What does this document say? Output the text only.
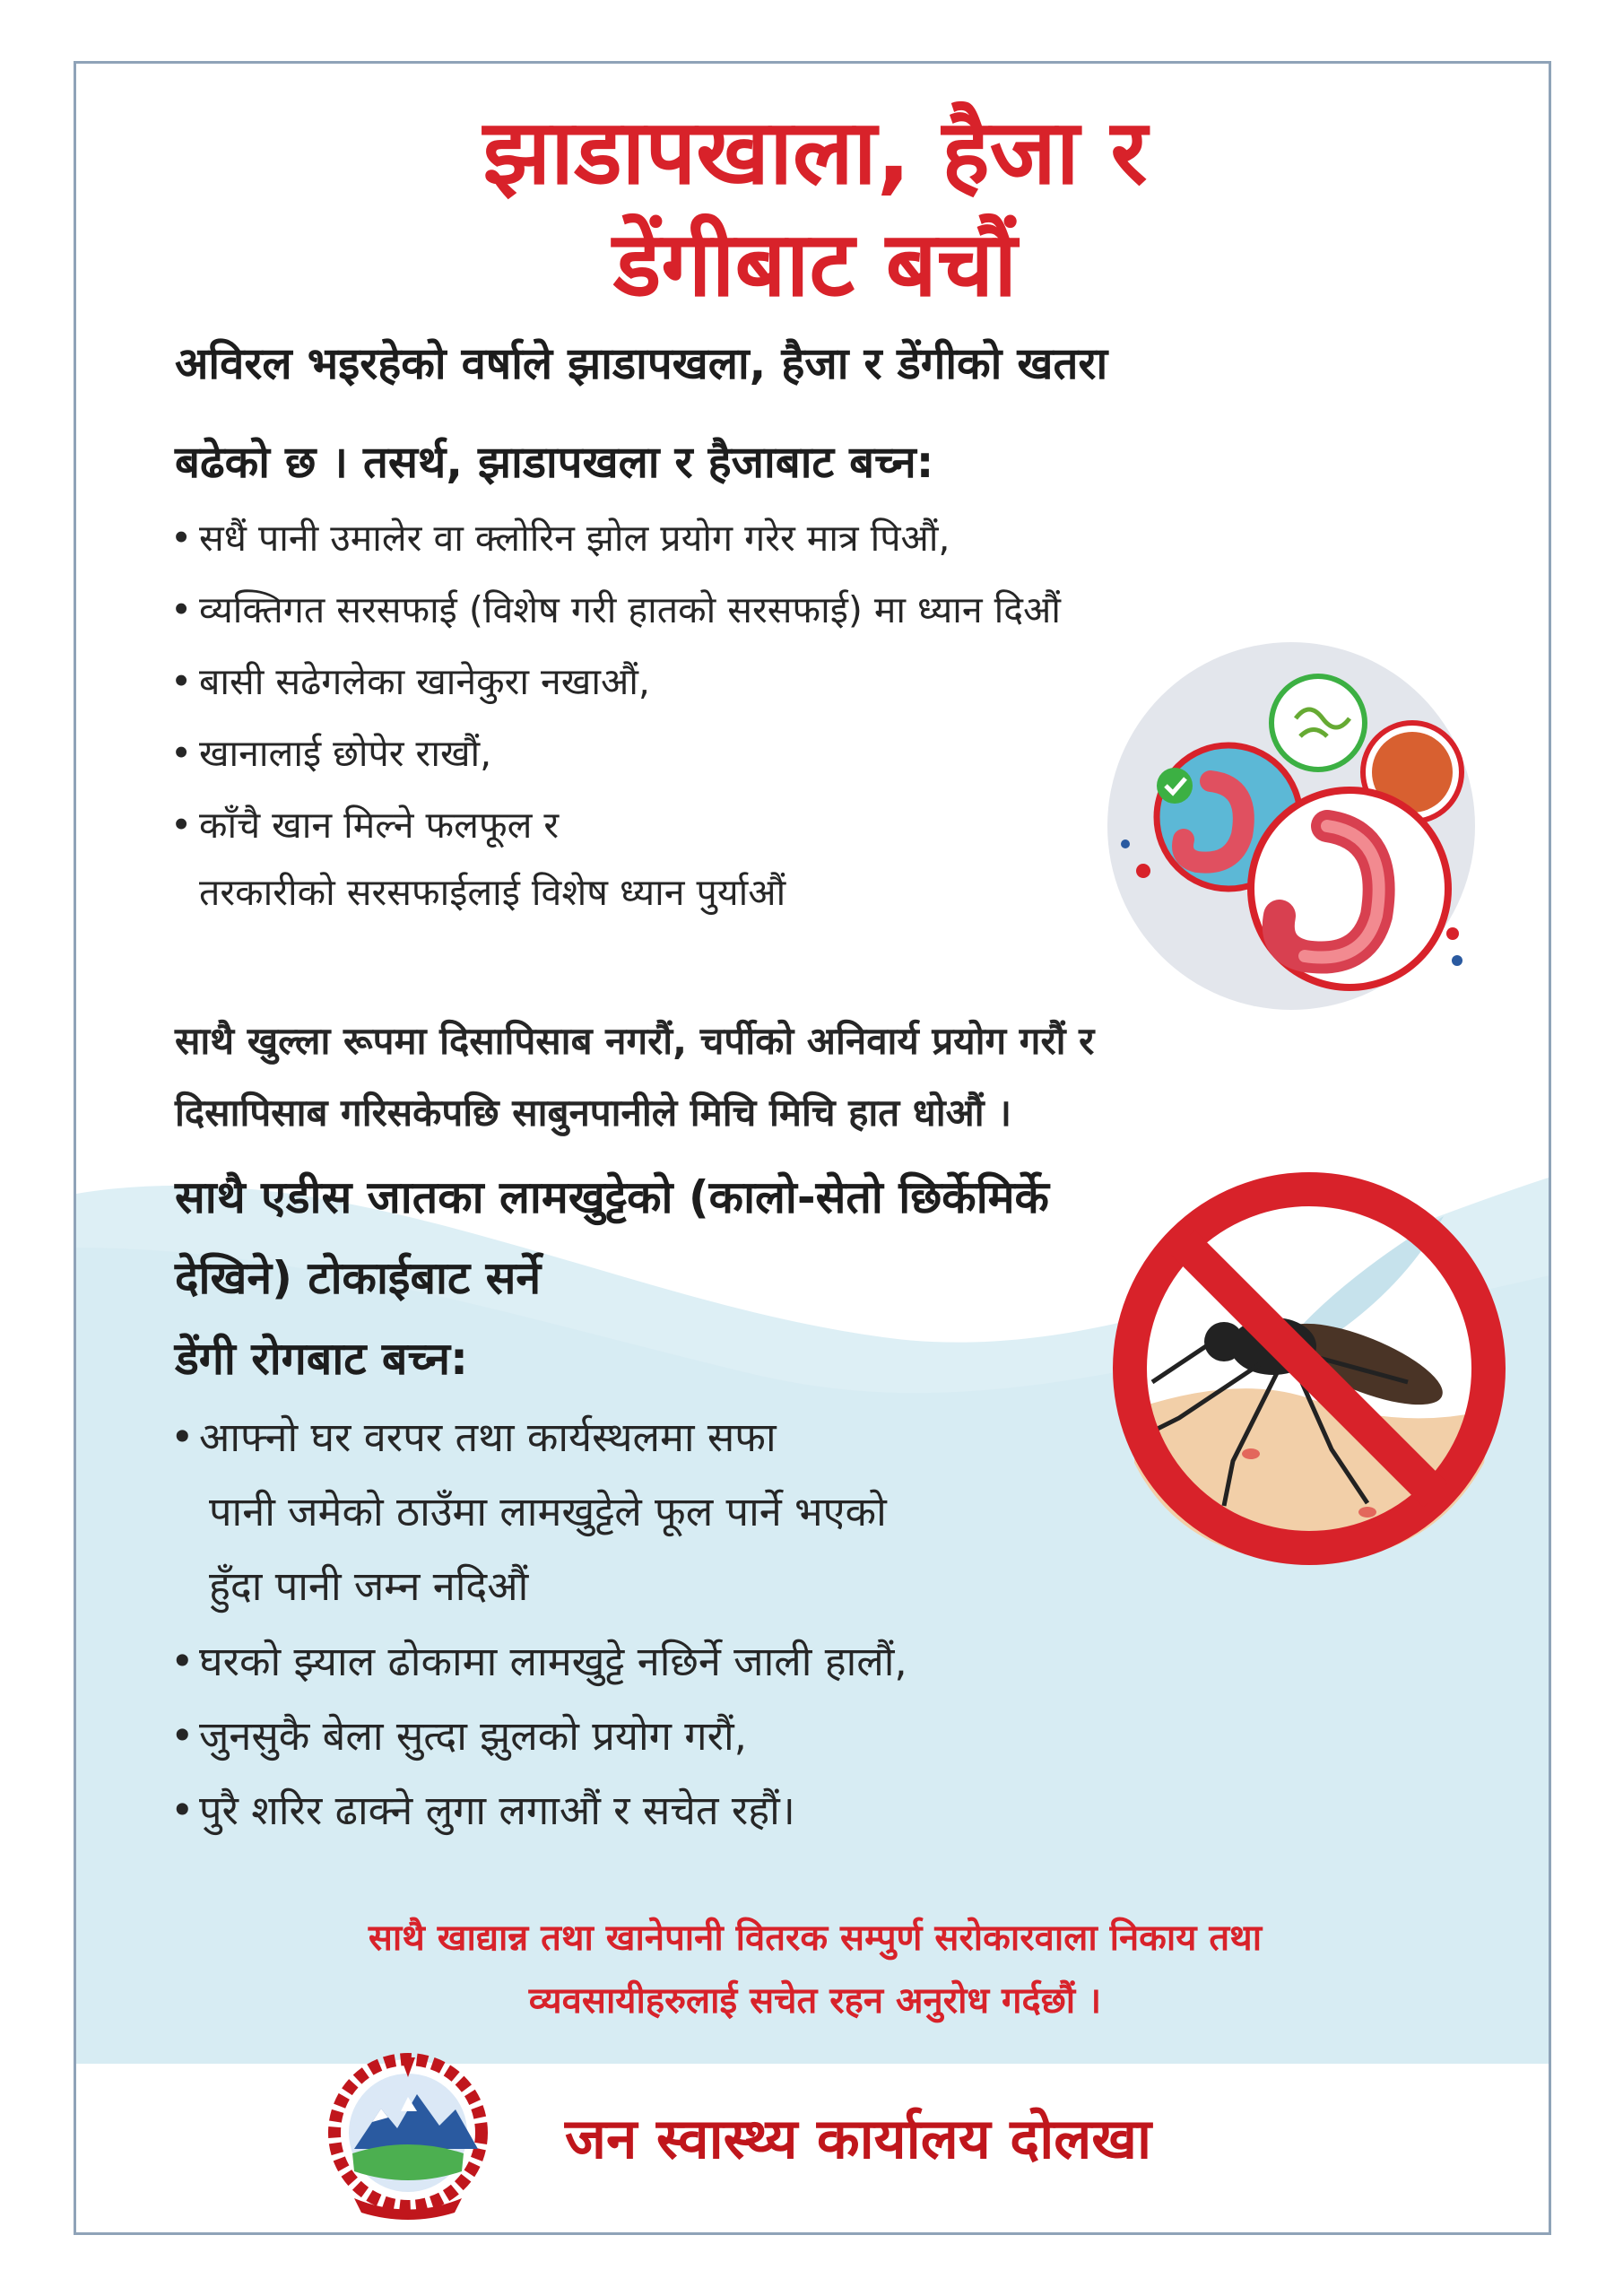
झाडापखाला, हैजा र
डेंगीबाट बचौं
अविरल भइरहेको वर्षाले झाडापखला, हैजा र डेंगीको खतरा
बढेको छ । तसर्थ, झाडापखला र हैजाबाट बच्न:
• सधैं पानी उमालेर वा क्लोरिन झोल प्रयोग गरेर मात्र पिऔं,
• व्यक्तिगत सरसफाई (विशेष गरी हातको सरसफाई) मा ध्यान दिऔं
• बासी सढेगलेका खानेकुरा नखाऔं,
• खानालाई छोपेर राखौं,
• काँचै खान मिल्ने फलफूल र
तरकारीको सरसफाईलाई विशेष ध्यान पुर्याऔं
साथै खुल्ला रूपमा दिसापिसाब नगरौं, चर्पीको अनिवार्य प्रयोग गरौं र
दिसापिसाब गरिसकेपछि साबुनपानीले मिचि मिचि हात धोऔं ।
साथै एडीस जातका लामखुट्टेको (कालो-सेतो छिर्केमिर्के
देखिने) टोकाईबाट सर्ने
डेंगी रोगबाट बच्न:
• आफ्नो घर वरपर तथा कार्यस्थलमा सफा
पानी जमेको ठाउँमा लामखुट्टेले फूल पार्ने भएको
हुँदा पानी जम्न नदिऔं
• घरको झ्याल ढोकामा लामखुट्टे नछिर्ने जाली हालौं,
• जुनसुकै बेला सुत्दा झुलको प्रयोग गरौं,
• पुरै शरिर ढाक्ने लुगा लगाऔं र सचेत रहौं।
साथै खाद्यान्न तथा खानेपानी वितरक सम्पुर्ण सरोकारवाला निकाय तथा
व्यवसायीहरुलाई सचेत रहन अनुरोध गर्दछौं ।
जन स्वास्थ्य कार्यालय दोलखा
